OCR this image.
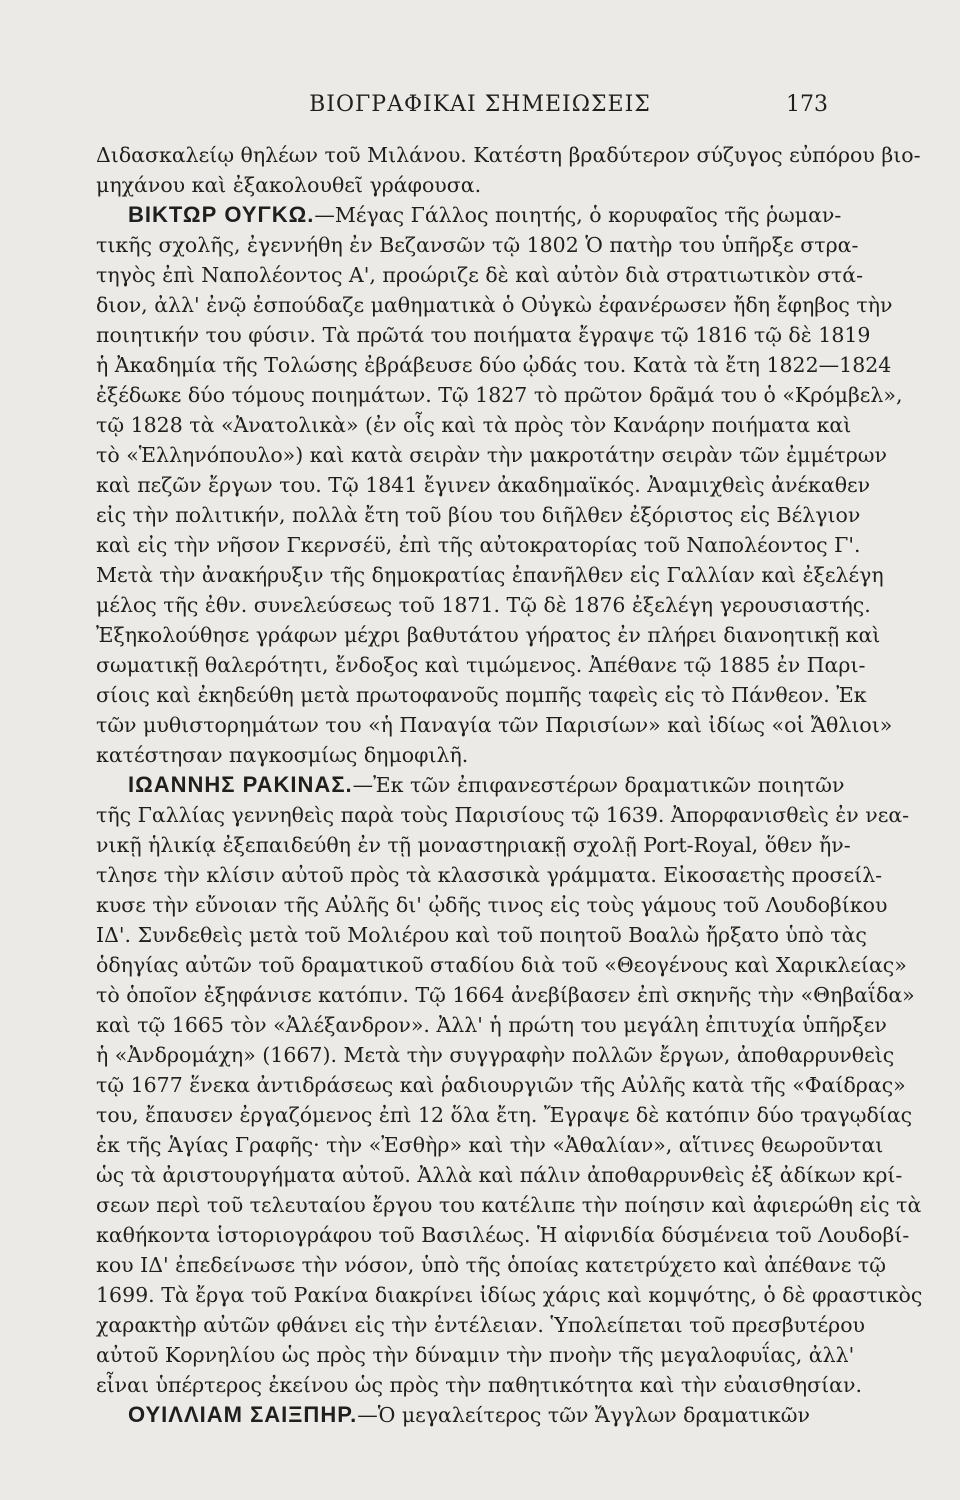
ΒΙΟΓΡΑΦΙΚΑΙ ΣΗΜΕΙΩΣΕΙΣ	173
Διδασκαλείῳ θηλέων τοῦ Μιλάνου. Κατέστη βραδύτερον σύζυγος εὐπόρου βιο-
μηχάνου καὶ ἐξακολουθεῖ γράφουσα.
ΒΙΚΤΩΡ ΟΥΓΚΩ.—Μέγας Γάλλος ποιητής, ὁ κορυφαῖος τῆς ῥωμαν-
τικῆς σχολῆς, ἐγεννήθη ἐν Βεζανσῶν τῷ 1802 Ὁ πατὴρ του ὑπῆρξε στρα-
τηγὸς ἐπὶ Ναπολέοντος Α', προώριζε δὲ καὶ αὐτὸν διὰ στρατιωτικὸν στά-
διον, ἀλλ' ἐνῷ ἐσπούδαζε μαθηματικὰ ὁ Οὐγκὼ ἐφανέρωσεν ἤδη ἔφηβος τὴν
ποιητικήν του φύσιν. Τὰ πρῶτά του ποιήματα ἔγραψε τῷ 1816 τῷ δὲ 1819
ἡ Ἀκαδημία τῆς Τολώσης ἐβράβευσε δύο ᾠδάς του. Κατὰ τὰ ἔτη 1822—1824
ἐξέδωκε δύο τόμους ποιημάτων. Τῷ 1827 τὸ πρῶτον δρᾶμά του ὁ «Κρόμβελ»,
τῷ 1828 τὰ «Ἀνατολικὰ» (ἐν οἷς καὶ τὰ πρὸς τὸν Κανάρην ποιήματα καὶ
τὸ «Ἑλληνόπουλο») καὶ κατὰ σειρὰν τὴν μακροτάτην σειρὰν τῶν ἐμμέτρων
καὶ πεζῶν ἔργων του. Τῷ 1841 ἔγινεν ἀκαδημαϊκός. Ἀναμιχθεὶς ἀνέκαθεν
εἰς τὴν πολιτικήν, πολλὰ ἔτη τοῦ βίου του διῆλθεν ἐξόριστος εἰς Βέλγιον
καὶ εἰς τὴν νῆσον Γκερνσέϋ, ἐπὶ τῆς αὐτοκρατορίας τοῦ Ναπολέοντος Γ'.
Μετὰ τὴν ἀνακήρυξιν τῆς δημοκρατίας ἐπανῆλθεν εἰς Γαλλίαν καὶ ἐξελέγη
μέλος τῆς ἐθν. συνελεύσεως τοῦ 1871. Τῷ δὲ 1876 ἐξελέγη γερουσιαστής.
Ἐξηκολούθησε γράφων μέχρι βαθυτάτου γήρατος ἐν πλήρει διανοητικῇ καὶ
σωματικῇ θαλερότητι, ἔνδοξος καὶ τιμώμενος. Ἀπέθανε τῷ 1885 ἐν Παρι-
σίοις καὶ ἐκηδεύθη μετὰ πρωτοφανοῦς πομπῆς ταφεὶς εἰς τὸ Πάνθεον. Ἐκ
τῶν μυθιστορημάτων του «ἡ Παναγία τῶν Παρισίων» καὶ ἰδίως «οἱ Ἄθλιοι»
κατέστησαν παγκοσμίως δημοφιλῆ.
ΙΩΑΝΝΗΣ ΡΑΚΙΝΑΣ.—Ἐκ τῶν ἐπιφανεστέρων δραματικῶν ποιητῶν
τῆς Γαλλίας γεννηθεὶς παρὰ τοὺς Παρισίους τῷ 1639. Ἀπορφανισθεὶς ἐν νεα-
νικῇ ἡλικίᾳ ἐξεπαιδεύθη ἐν τῇ μοναστηριακῇ σχολῇ Port-Royal, ὅθεν ἤν-
τλησε τὴν κλίσιν αὐτοῦ πρὸς τὰ κλασσικὰ γράμματα. Εἰκοσαετὴς προσείλ-
κυσε τὴν εὔνοιαν τῆς Αὐλῆς δι' ᾠδῆς τινος εἰς τοὺς γάμους τοῦ Λουδοβίκου
ΙΔ'. Συνδεθεὶς μετὰ τοῦ Μολιέρου καὶ τοῦ ποιητοῦ Βοαλὼ ἤρξατο ὑπὸ τὰς
ὁδηγίας αὐτῶν τοῦ δραματικοῦ σταδίου διὰ τοῦ «Θεογένους καὶ Χαρικλείας»
τὸ ὁποῖον ἐξηφάνισε κατόπιν. Τῷ 1664 ἀνεβίβασεν ἐπὶ σκηνῆς τὴν «Θηβαΐδα»
καὶ τῷ 1665 τὸν «Ἀλέξανδρον». Ἀλλ' ἡ πρώτη του μεγάλη ἐπιτυχία ὑπῆρξεν
ἡ «Ἀνδρομάχη» (1667). Μετὰ τὴν συγγραφὴν πολλῶν ἔργων, ἀποθαρρυνθεὶς
τῷ 1677 ἕνεκα ἀντιδράσεως καὶ ῥαδιουργιῶν τῆς Αὐλῆς κατὰ τῆς «Φαίδρας»
του, ἔπαυσεν ἐργαζόμενος ἐπὶ 12 ὅλα ἔτη. Ἔγραψε δὲ κατόπιν δύο τραγῳδίας
ἐκ τῆς Ἁγίας Γραφῆς· τὴν «Ἐσθὴρ» καὶ τὴν «Ἀθαλίαν», αἵτινες θεωροῦνται
ὡς τὰ ἀριστουργήματα αὐτοῦ. Ἀλλὰ καὶ πάλιν ἀποθαρρυνθεὶς ἐξ ἀδίκων κρί-
σεων περὶ τοῦ τελευταίου ἔργου του κατέλιπε τὴν ποίησιν καὶ ἀφιερώθη εἰς τὰ
καθήκοντα ἱστοριογράφου τοῦ Βασιλέως. Ἡ αἰφνιδία δύσμένεια τοῦ Λουδοβί-
κου ΙΔ' ἐπεδείνωσε τὴν νόσον, ὑπὸ τῆς ὁποίας κατετρύχετο καὶ ἀπέθανε τῷ
1699. Τὰ ἔργα τοῦ Ρακίνα διακρίνει ἰδίως χάρις καὶ κομψότης, ὁ δὲ φραστικὸς
χαρακτὴρ αὐτῶν φθάνει εἰς τὴν ἐντέλειαν. Ὑπολείπεται τοῦ πρεσβυτέρου
αὐτοῦ Κορνηλίου ὡς πρὸς τὴν δύναμιν τὴν πνοὴν τῆς μεγαλοφυΐας, ἀλλ'
εἶναι ὑπέρτερος ἐκείνου ὡς πρὸς τὴν παθητικότητα καὶ τὴν εὐαισθησίαν.
ΟΥΙΛΛΙΑΜ ΣΑΙΞΠΗΡ.—Ὁ μεγαλείτερος τῶν Ἄγγλων δραματικῶν
